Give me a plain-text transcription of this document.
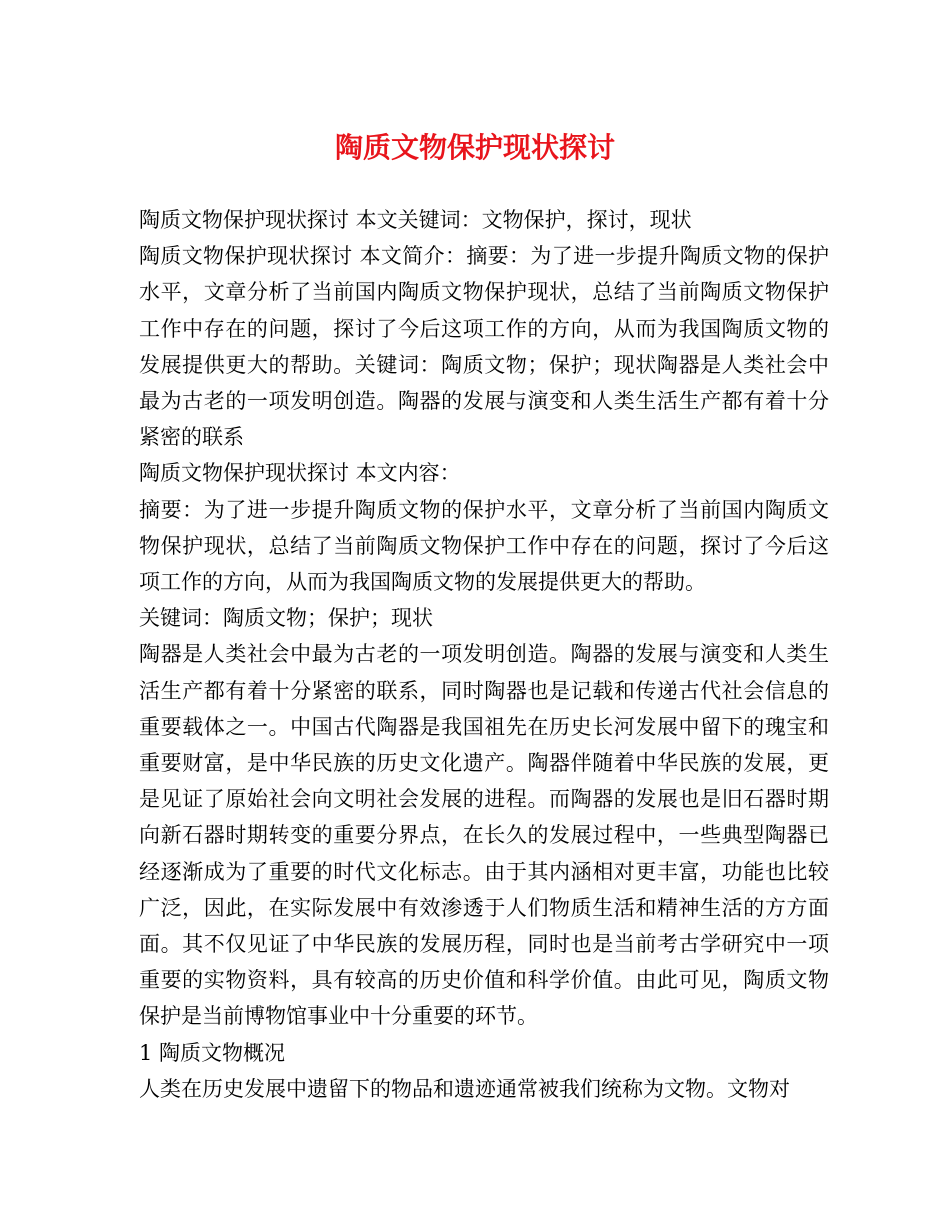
陶质文物保护现状探讨

陶质文物保护现状探讨 本文关键词：文物保护，探讨，现状

陶质文物保护现状探讨 本文简介：摘要：为了进一步提升陶质文物的保护水平，文章分析了当前国内陶质文物保护现状，总结了当前陶质文物保护工作中存在的问题，探讨了今后这项工作的方向，从而为我国陶质文物的发展提供更大的帮助。关键词：陶质文物；保护；现状陶器是人类社会中最为古老的一项发明创造。陶器的发展与演变和人类生活生产都有着十分紧密的联系

陶质文物保护现状探讨 本文内容：

摘要：为了进一步提升陶质文物的保护水平，文章分析了当前国内陶质文物保护现状，总结了当前陶质文物保护工作中存在的问题，探讨了今后这项工作的方向，从而为我国陶质文物的发展提供更大的帮助。

关键词：陶质文物；保护；现状

陶器是人类社会中最为古老的一项发明创造。陶器的发展与演变和人类生活生产都有着十分紧密的联系，同时陶器也是记载和传递古代社会信息的重要载体之一。中国古代陶器是我国祖先在历史长河发展中留下的瑰宝和重要财富，是中华民族的历史文化遗产。陶器伴随着中华民族的发展，更是见证了原始社会向文明社会发展的进程。而陶器的发展也是旧石器时期向新石器时期转变的重要分界点，在长久的发展过程中，一些典型陶器已经逐渐成为了重要的时代文化标志。由于其内涵相对更丰富，功能也比较广泛，因此，在实际发展中有效渗透于人们物质生活和精神生活的方方面面。其不仅见证了中华民族的发展历程，同时也是当前考古学研究中一项重要的实物资料，具有较高的历史价值和科学价值。由此可见，陶质文物保护是当前博物馆事业中十分重要的环节。

1 陶质文物概况

人类在历史发展中遗留下的物品和遗迹通常被我们统称为文物。文物对
